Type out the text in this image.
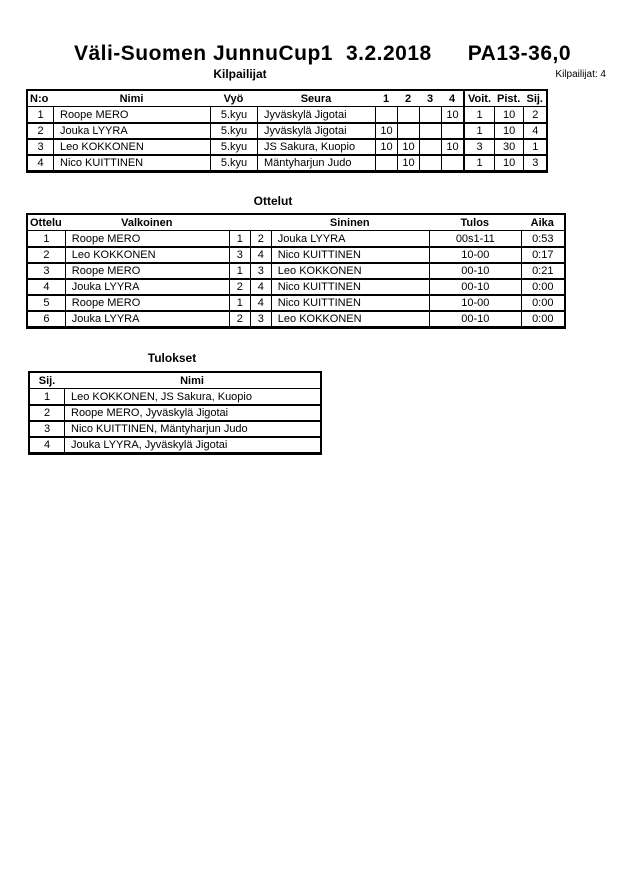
Väli-Suomen JunnuCup1 3.2.2018 PA13-36,0
Kilpailijat	Kilpailijat: 4
N:o	Nimi	Vyö	Seura	1	2	3	4	Voit.	Pist.	Sij.
1	Roope MERO	5.kyu	Jyväskylä Jigotai				10	1	10	2
2	Jouka LYYRA	5.kyu	Jyväskylä Jigotai	10				1	10	4
3	Leo KOKKONEN	5.kyu	JS Sakura, Kuopio	10	10		10	3	30	1
4	Nico KUITTINEN	5.kyu	Mäntyharjun Judo		10			1	10	3
Ottelut
Ottelu	Valkoinen			Sininen	Tulos	Aika
1	Roope MERO	1	2	Jouka LYYRA	00s1-11	0:53
2	Leo KOKKONEN	3	4	Nico KUITTINEN	10-00	0:17
3	Roope MERO	1	3	Leo KOKKONEN	00-10	0:21
4	Jouka LYYRA	2	4	Nico KUITTINEN	00-10	0:00
5	Roope MERO	1	4	Nico KUITTINEN	10-00	0:00
6	Jouka LYYRA	2	3	Leo KOKKONEN	00-10	0:00
Tulokset
Sij.	Nimi
1	Leo KOKKONEN, JS Sakura, Kuopio
2	Roope MERO, Jyväskylä Jigotai
3	Nico KUITTINEN, Mäntyharjun Judo
4	Jouka LYYRA, Jyväskylä Jigotai
